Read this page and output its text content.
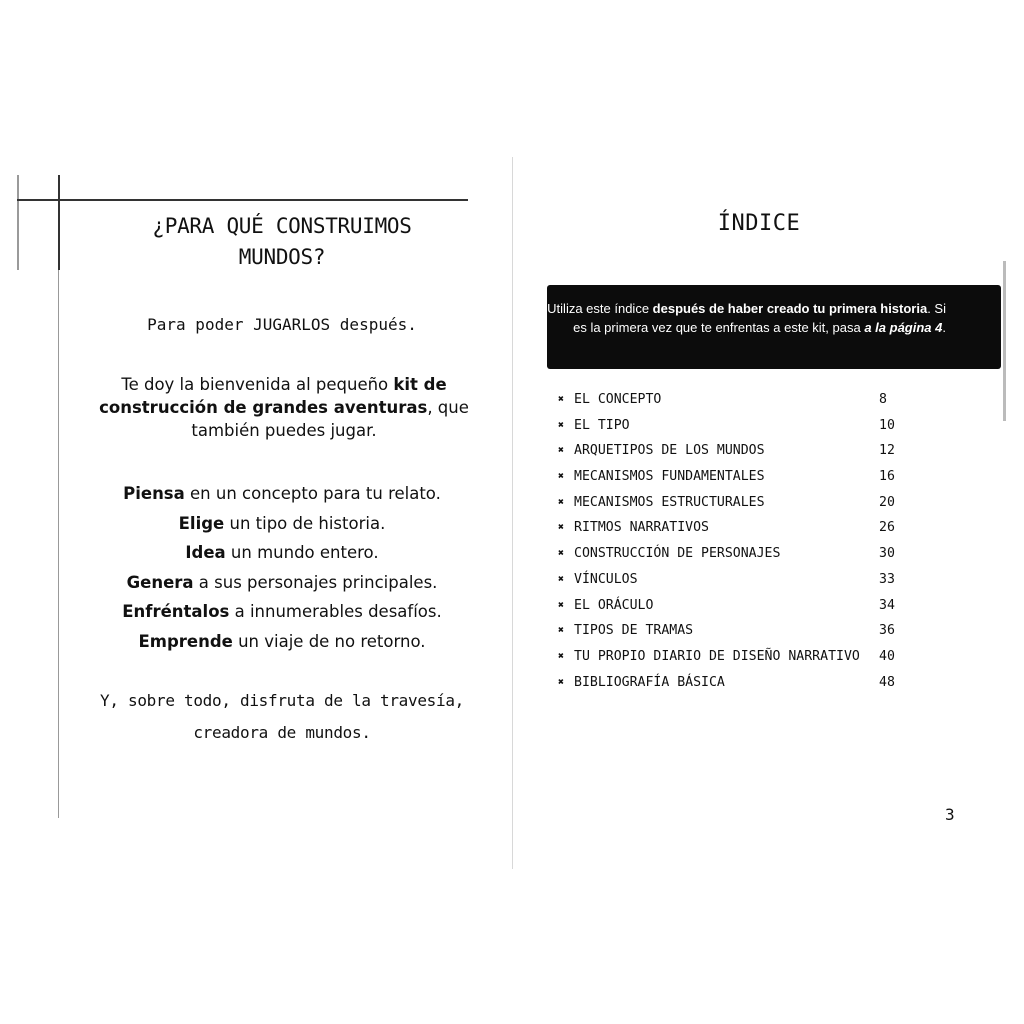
¿PARA QUÉ CONSTRUIMOS
MUNDOS?
Para poder JUGARLOS después.
Te doy la bienvenida al pequeño kit de construcción de grandes aventuras, que también puedes jugar.
Piensa en un concepto para tu relato.
Elige un tipo de historia.
Idea un mundo entero.
Genera a sus personajes principales.
Enfréntalos a innumerables desafíos.
Emprende un viaje de no retorno.
Y, sobre todo, disfruta de la travesía,
creadora de mundos.
ÍNDICE
Utiliza este índice después de haber creado tu primera historia. Si es la primera vez que te enfrentas a este kit, pasa a la página 4.
✖ EL CONCEPTO	8
✖ EL TIPO	10
✖ ARQUETIPOS DE LOS MUNDOS	12
✖ MECANISMOS FUNDAMENTALES	16
✖ MECANISMOS ESTRUCTURALES	20
✖ RITMOS NARRATIVOS	26
✖ CONSTRUCCIÓN DE PERSONAJES	30
✖ VÍNCULOS	33
✖ EL ORÁCULO	34
✖ TIPOS DE TRAMAS	36
✖ TU PROPIO DIARIO DE DISEÑO NARRATIVO 40
✖ BIBLIOGRAFÍA BÁSICA	48
3
